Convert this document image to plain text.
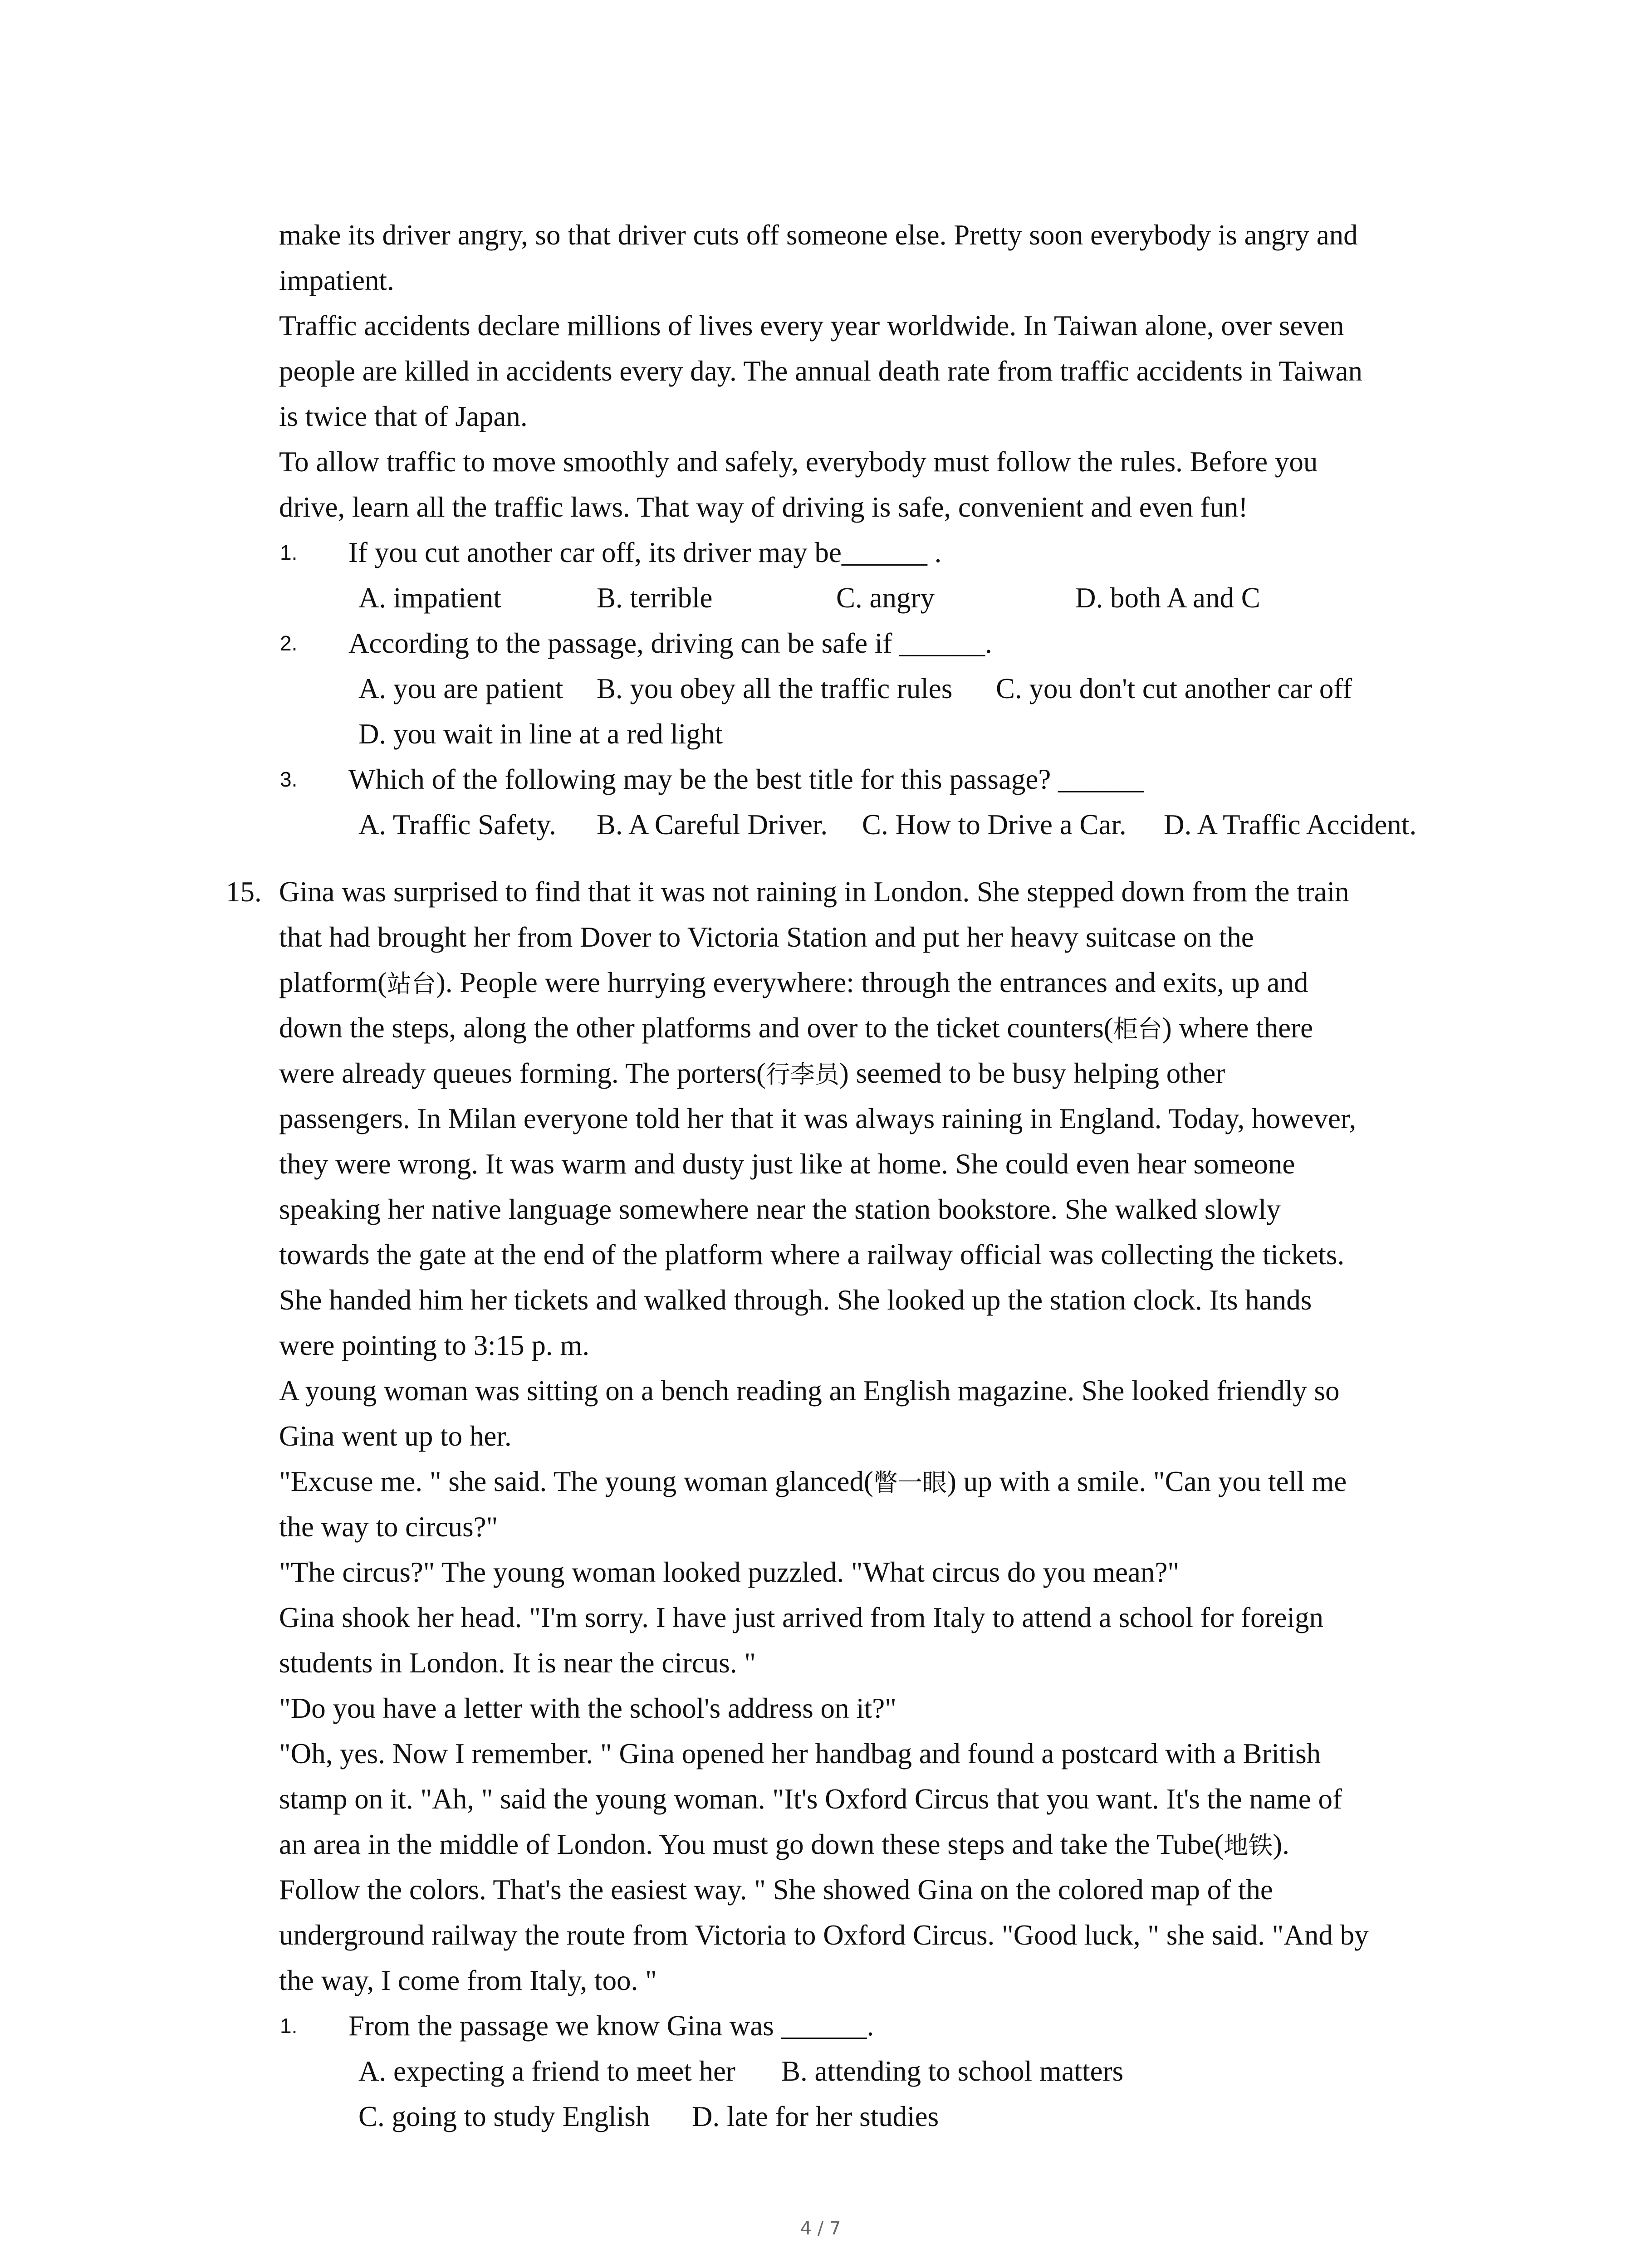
make its driver angry, so that driver cuts off someone else. Pretty soon everybody is angry and
impatient.
Traffic accidents declare millions of lives every year worldwide. In Taiwan alone, over seven
people are killed in accidents every day. The annual death rate from traffic accidents in Taiwan
is twice that of Japan.
To allow traffic to move smoothly and safely, everybody must follow the rules. Before you
drive, learn all the traffic laws. That way of driving is safe, convenient and even fun!
1. If you cut another car off, its driver may be______ .
A. impatient	B. terrible	C. angry	D. both A and C
2. According to the passage, driving can be safe if ______.
A. you are patient B. you obey all the traffic rules C. you don't cut another car off
D. you wait in line at a red light
3. Which of the following may be the best title for this passage? ______
A. Traffic Safety. B. A Careful Driver. C. How to Drive a Car. D. A Traffic Accident.
15. Gina was surprised to find that it was not raining in London. She stepped down from the train
that had brought her from Dover to Victoria Station and put her heavy suitcase on the
platform(站台). People were hurrying everywhere: through the entrances and exits, up and
down the steps, along the other platforms and over to the ticket counters(柜台) where there
were already queues forming. The porters(行李员) seemed to be busy helping other
passengers. In Milan everyone told her that it was always raining in England. Today, however,
they were wrong. It was warm and dusty just like at home. She could even hear someone
speaking her native language somewhere near the station bookstore. She walked slowly
towards the gate at the end of the platform where a railway official was collecting the tickets.
She handed him her tickets and walked through. She looked up the station clock. Its hands
were pointing to 3:15 p. m.
A young woman was sitting on a bench reading an English magazine. She looked friendly so
Gina went up to her.
"Excuse me. " she said. The young woman glanced(瞥一眼) up with a smile. "Can you tell me
the way to circus?"
"The circus?" The young woman looked puzzled. "What circus do you mean?"
Gina shook her head. "I'm sorry. I have just arrived from Italy to attend a school for foreign
students in London. It is near the circus. "
"Do you have a letter with the school's address on it?"
"Oh, yes. Now I remember. " Gina opened her handbag and found a postcard with a British
stamp on it. "Ah, " said the young woman. "It's Oxford Circus that you want. It's the name of
an area in the middle of London. You must go down these steps and take the Tube(地铁).
Follow the colors. That's the easiest way. " She showed Gina on the colored map of the
underground railway the route from Victoria to Oxford Circus. "Good luck, " she said. "And by
the way, I come from Italy, too. "
1. From the passage we know Gina was ______.
A. expecting a friend to meet her B. attending to school matters
C. going to study English D. late for her studies
4 / 7
